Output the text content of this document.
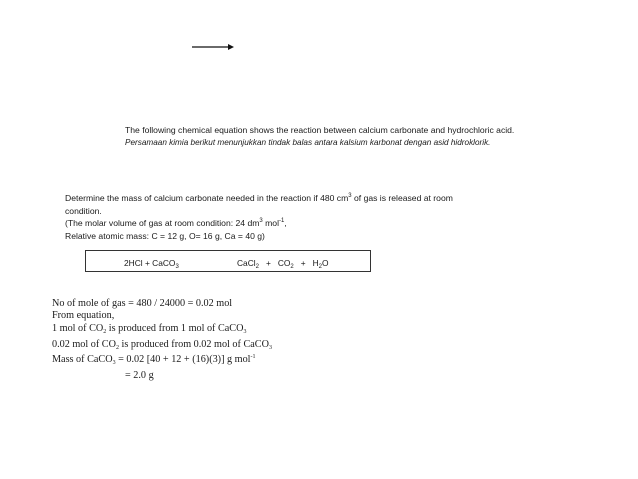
The following chemical equation shows the reaction between calcium carbonate and hydrochloric acid.
Persamaan kimia berikut menunjukkan tindak balas antara kalsium karbonat dengan asid hidroklorik.
Determine the mass of calcium carbonate needed in the reaction if 480 $cm^3$ of gas is released at room
condition.
(The molar volume of gas at room condition: 24 $dm^3$ mol$^{-1}$,
Relative atomic mass: C = 12 g, O= 16 g, Ca = 40 g)
2HCl + CaCO$_3$	CaCl$_2$   +   $CO_2 + H_2O$
No of mole of gas = 480 / 24000 = 0.02 mol
From equation,
1 mol of $CO_2$ is produced from 1 mol of CaCO$_3$
0.02 mol of $CO_2$ is produced from 0.02 mol of CaCO$_3$
Mass of CaCO$_3$ = 0.02 [40 + 12 + (16)(3)] g mol$^{-1}$
= 2.0 g
